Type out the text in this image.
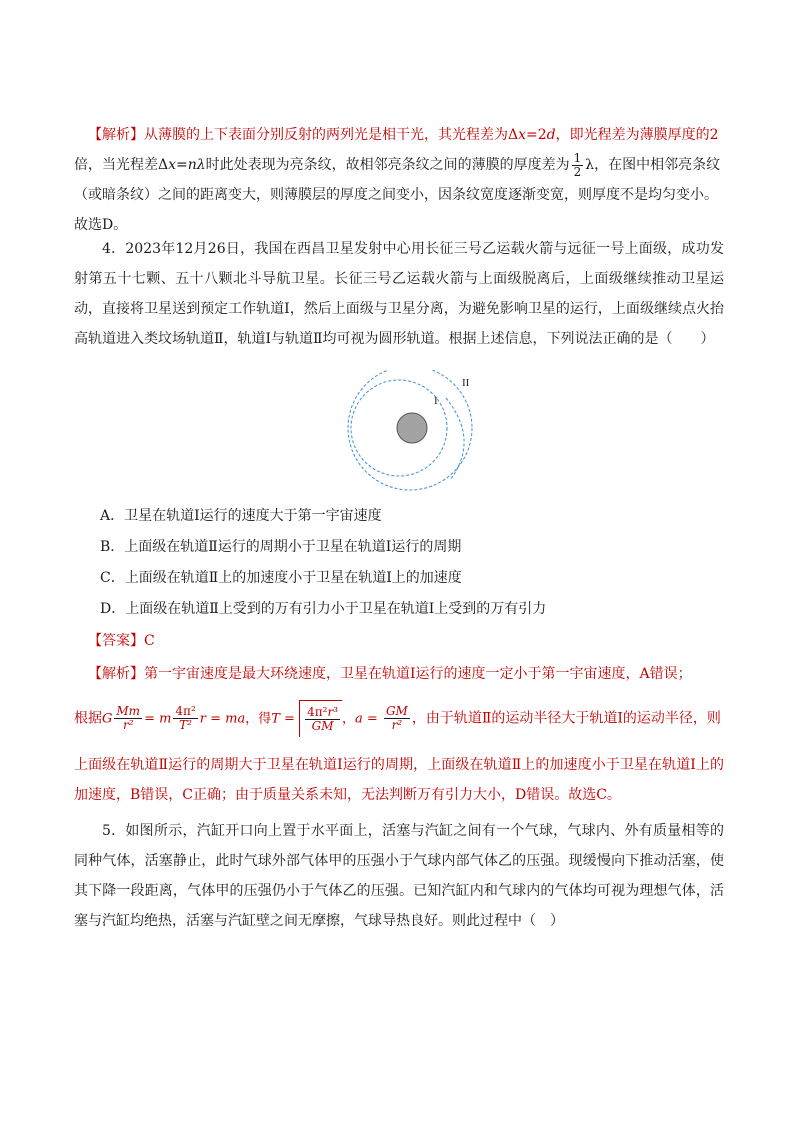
【解析】从薄膜的上下表面分别反射的两列光是相干光，其光程差为Δx=2d，即光程差为薄膜厚度的2
倍，当光程差Δx=nλ时此处表现为亮条纹，故相邻亮条纹之间的薄膜的厚度差为 $\frac{1}{2}$ λ，在图中相邻亮条纹
（或暗条纹）之间的距离变大，则薄膜层的厚度之间变小，因条纹宽度逐渐变宽，则厚度不是均匀变小。
故选D。
4．2023年12月26日，我国在西昌卫星发射中心用长征三号乙运载火箭与远征一号上面级，成功发射第五十七颗、五十八颗北斗导航卫星。长征三号乙运载火箭与上面级脱离后，上面级继续推动卫星运动，直接将卫星送到预定工作轨道Ⅰ，然后上面级与卫星分离，为避免影响卫星的运行，上面级继续点火抬高轨道进入类坟场轨道Ⅱ，轨道Ⅰ与轨道Ⅱ均可视为圆形轨道。根据上述信息，下列说法正确的是（　　）
I
II
A．卫星在轨道Ⅰ运行的速度大于第一宇宙速度
B．上面级在轨道Ⅱ运行的周期小于卫星在轨道Ⅰ运行的周期
C．上面级在轨道Ⅱ上的加速度小于卫星在轨道Ⅰ上的加速度
D．上面级在轨道Ⅱ上受到的万有引力小于卫星在轨道Ⅰ上受到的万有引力
【答案】C
【解析】第一宇宙速度是最大环绕速度，卫星在轨道Ⅰ运行的速度一定小于第一宇宙速度，A错误；
根据G $\frac{Mm}{\text{r²}} = m \frac{\text{4π²}}{\text{T²}}$ r = ma，得$T = \frac{\text{4π²r³}}{GM}$ ，$a = \frac{GM}{\text{r²}}$ ，由于轨道Ⅱ的运动半径大于轨道Ⅰ的运动半径，则
上面级在轨道Ⅱ运行的周期大于卫星在轨道Ⅰ运行的周期，上面级在轨道Ⅱ上的加速度小于卫星在轨道Ⅰ上的加速度，B错误，C正确；由于质量关系未知，无法判断万有引力大小，D错误。故选C。
5．如图所示，汽缸开口向上置于水平面上，活塞与汽缸之间有一个气球，气球内、外有质量相等的同种气体，活塞静止，此时气球外部气体甲的压强小于气球内部气体乙的压强。现缓慢向下推动活塞，使其下降一段距离，气体甲的压强仍小于气体乙的压强。已知汽缸内和气球内的气体均可视为理想气体，活塞与汽缸均绝热，活塞与汽缸壁之间无摩擦，气球导热良好。则此过程中（　）
